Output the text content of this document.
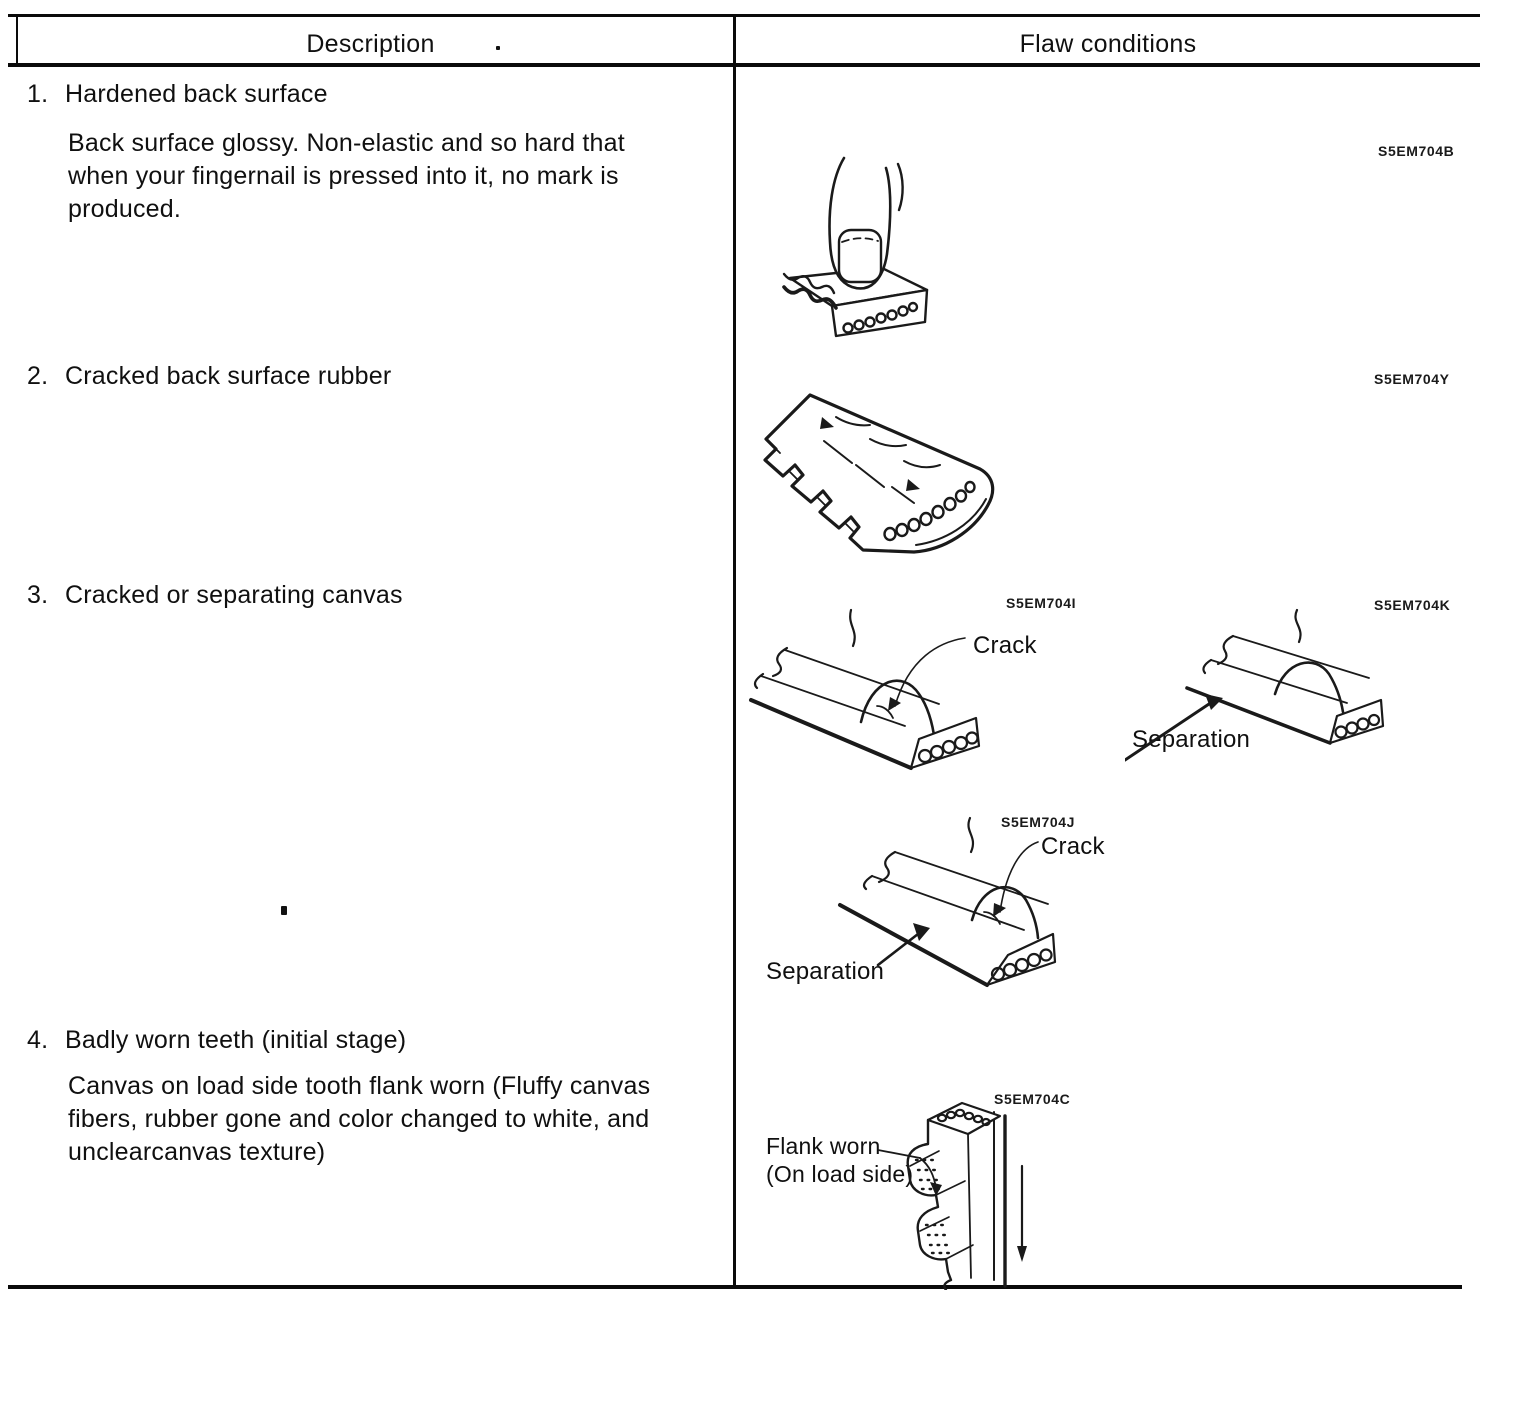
Description	Flaw conditions
1. Hardened back surface
Back surface glossy. Non-elastic and so hard that
when your fingernail is pressed into it, no mark is
produced.
2. Cracked back surface rubber
3. Cracked or separating canvas
4. Badly worn teeth (initial stage)
Canvas on load side tooth flank worn (Fluffy canvas
fibers, rubber gone and color changed to white, and
unclearcanvas texture)
S5EM704B
S5EM704Y
S5EM704I	S5EM704K
S5EM704J
S5EM704C
Crack
Separation
Crack
Separation
Flank worn
(On load side)
